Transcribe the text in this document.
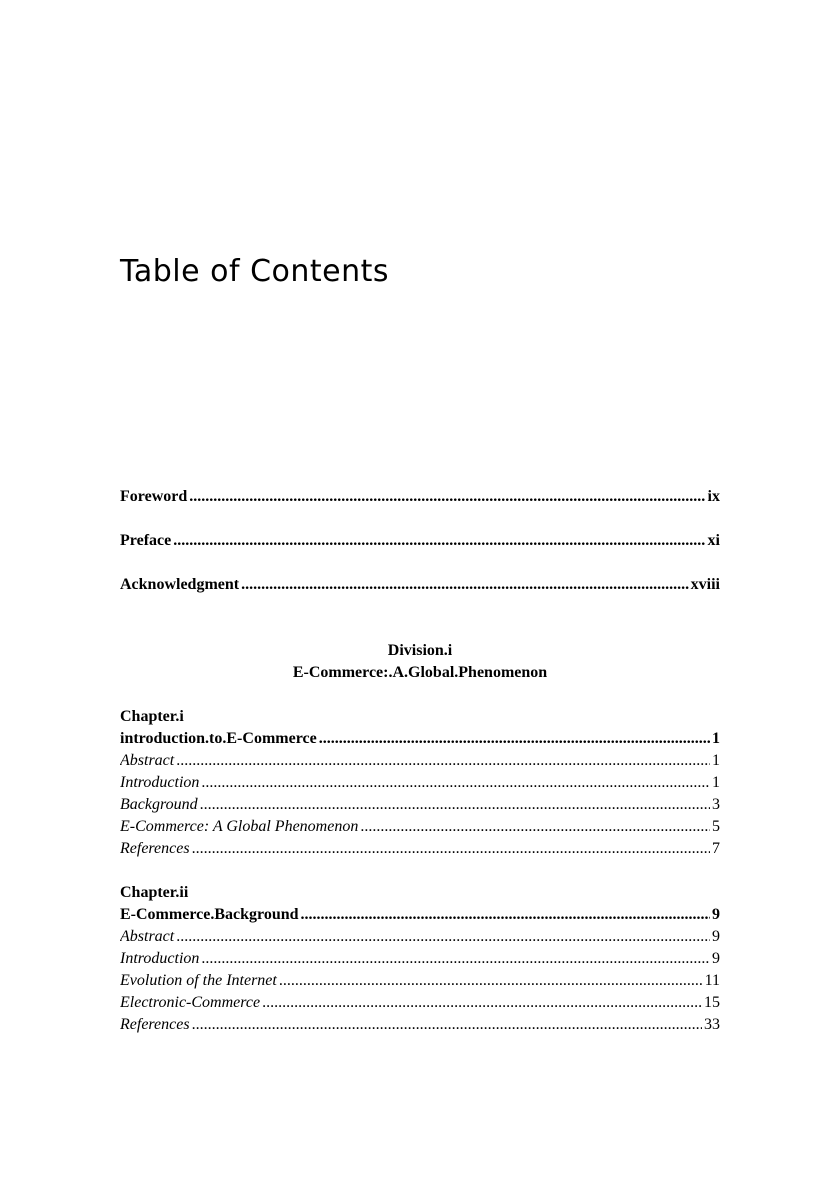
Table of Contents
Foreword .....	ix
Preface .....	xi
Acknowledgment .....	xviii
Division.i
E-Commerce:.A.Global.Phenomenon
Chapter.i
introduction.to.E-Commerce .....	1
Abstract .....	1
Introduction .....	1
Background .....	3
E-Commerce: A Global Phenomenon .....	5
References .....	7
Chapter.ii
E-Commerce.Background .....	9
Abstract .....	9
Introduction .....	9
Evolution of the Internet .....	11
Electronic-Commerce .....	15
References .....	33
